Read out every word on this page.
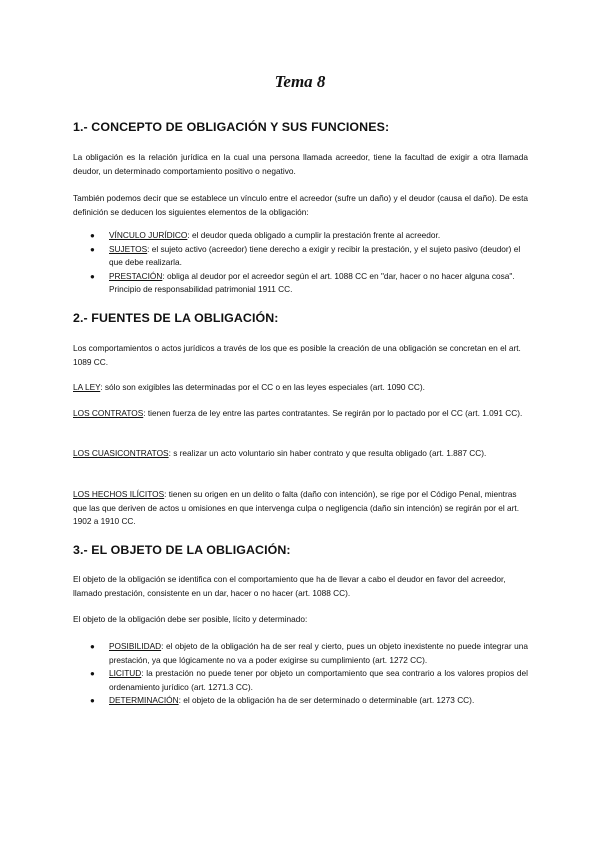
Tema 8
1.- CONCEPTO DE OBLIGACIÓN Y SUS FUNCIONES:

La obligación es la relación jurídica en la cual una persona llamada acreedor, tiene la facultad de exigir a otra llamada deudor, un determinado comportamiento positivo o negativo.

También podemos decir que se establece un vínculo entre el acreedor (sufre un daño) y el deudor (causa el daño). De esta definición se deducen los siguientes elementos de la obligación:

● VÍNCULO JURÍDICO: el deudor queda obligado a cumplir la prestación frente al acreedor.
● SUJETOS: el sujeto activo (acreedor) tiene derecho a exigir y recibir la prestación, y el sujeto pasivo (deudor) el que debe realizarla.
● PRESTACIÓN: obliga al deudor por el acreedor según el art. 1088 CC en "dar, hacer o no hacer alguna cosa". Principio de responsabilidad patrimonial 1911 CC.
2.- FUENTES DE LA OBLIGACIÓN:

Los comportamientos o actos jurídicos a través de los que es posible la creación de una obligación se concretan en el art. 1089 CC.

LA LEY: sólo son exigibles las determinadas por el CC o en las leyes especiales (art. 1090 CC).

LOS CONTRATOS: tienen fuerza de ley entre las partes contratantes. Se regirán por lo pactado por el CC (art. 1.091 CC).

LOS CUASICONTRATOS: s realizar un acto voluntario sin haber contrato y que resulta obligado (art. 1.887 CC).

LOS HECHOS ILÍCITOS: tienen su origen en un delito o falta (daño con intención), se rige por el Código Penal, mientras que las que deriven de actos u omisiones en que intervenga culpa o negligencia (daño sin intención) se regirán por el art. 1902 a 1910 CC.

3.- EL OBJETO DE LA OBLIGACIÓN:

El objeto de la obligación se identifica con el comportamiento que ha de llevar a cabo el deudor en favor del acreedor, llamado prestación, consistente en un dar, hacer o no hacer (art. 1088 CC).

El objeto de la obligación debe ser posible, lícito y determinado:

● POSIBILIDAD: el objeto de la obligación ha de ser real y cierto, pues un objeto inexistente no puede integrar una prestación, ya que lógicamente no va a poder exigirse su cumplimiento (art. 1272 CC).
● LICITUD: la prestación no puede tener por objeto un comportamiento que sea contrario a los valores propios del ordenamiento jurídico (art. 1271.3 CC).
● DETERMINACIÓN: el objeto de la obligación ha de ser determinado o determinable (art. 1273 CC).
